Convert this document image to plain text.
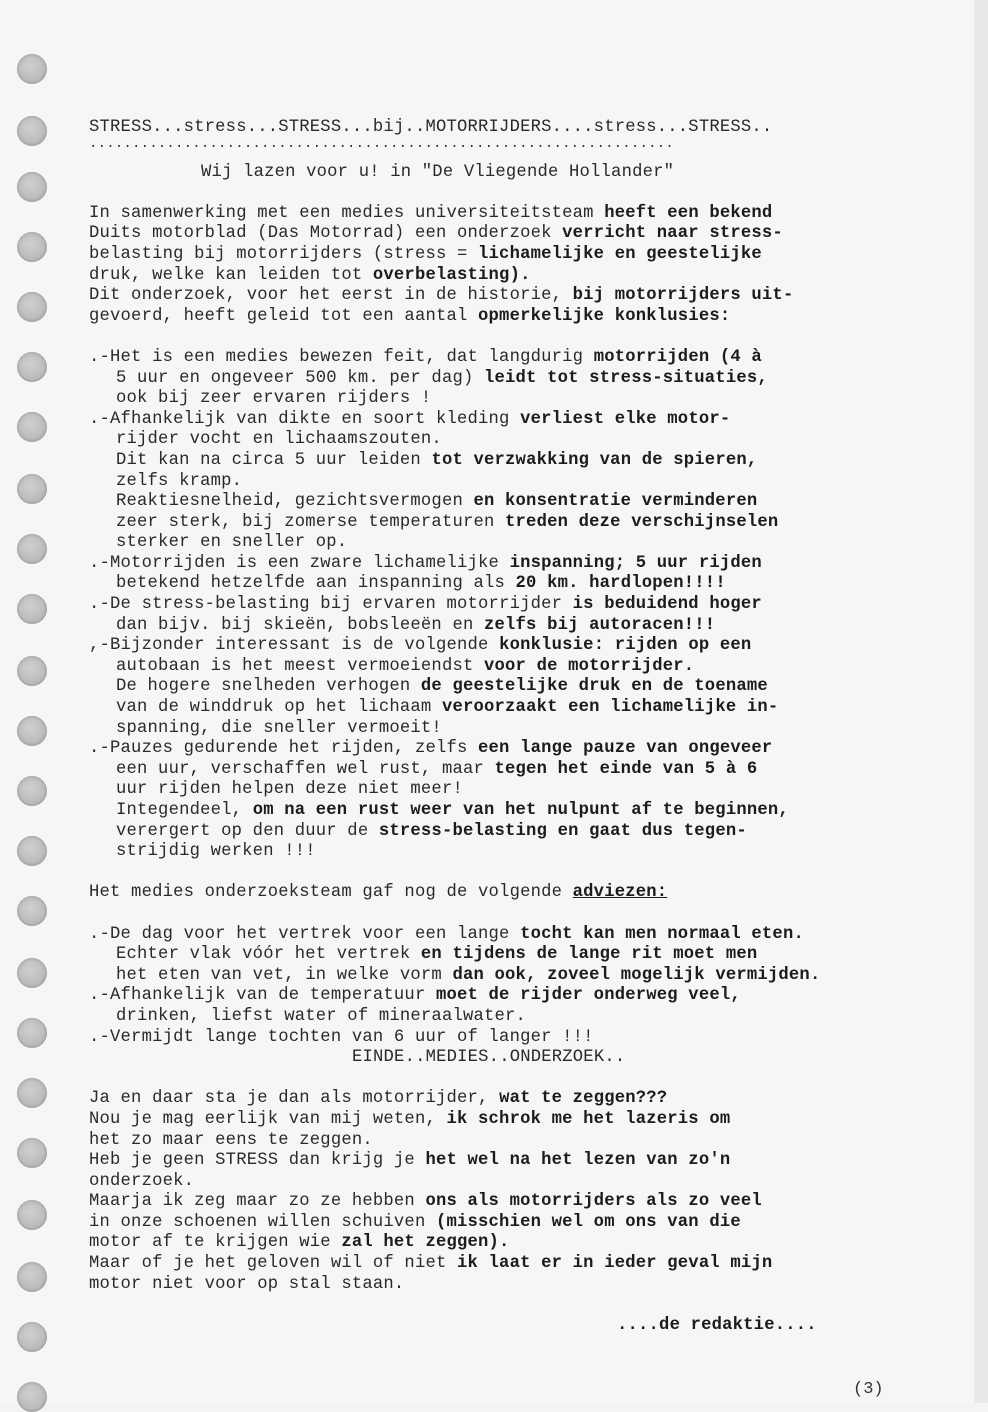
STRESS...stress...STRESS...bij..MOTORRIJDERS....stress...STRESS..
....................................................................
Wij lazen voor u! in "De Vliegende Hollander"
In samenwerking met een medies universiteitsteam heeft een bekend
Duits motorblad (Das Motorrad) een onderzoek verricht naar stress-
belasting bij motorrijders (stress = lichamelijke en geestelijke
druk, welke kan leiden tot overbelasting).
Dit onderzoek, voor het eerst in de historie, bij motorrijders uit-
gevoerd, heeft geleid tot een aantal opmerkelijke konklusies:
.-Het is een medies bewezen feit, dat langdurig motorrijden (4 à
5 uur en ongeveer 500 km. per dag) leidt tot stress-situaties,
ook bij zeer ervaren rijders !
.-Afhankelijk van dikte en soort kleding verliest elke motor-
rijder vocht en lichaamszouten.
Dit kan na circa 5 uur leiden tot verzwakking van de spieren,
zelfs kramp.
Reaktiesnelheid, gezichtsvermogen en konsentratie verminderen
zeer sterk, bij zomerse temperaturen treden deze verschijnselen
sterker en sneller op.
.-Motorrijden is een zware lichamelijke inspanning; 5 uur rijden
betekend hetzelfde aan inspanning als 20 km. hardlopen!!!!
.-De stress-belasting bij ervaren motorrijder is beduidend hoger
dan bijv. bij skieën, bobsleeën en zelfs bij autoracen!!!
,-Bijzonder interessant is de volgende konklusie: rijden op een
autobaan is het meest vermoeiendst voor de motorrijder.
De hogere snelheden verhogen de geestelijke druk en de toename
van de winddruk op het lichaam veroorzaakt een lichamelijke in-
spanning, die sneller vermoeit!
.-Pauzes gedurende het rijden, zelfs een lange pauze van ongeveer
een uur, verschaffen wel rust, maar tegen het einde van 5 à 6
uur rijden helpen deze niet meer!
Integendeel, om na een rust weer van het nulpunt af te beginnen,
verergert op den duur de stress-belasting en gaat dus tegen-
strijdig werken !!!
Het medies onderzoeksteam gaf nog de volgende adviezen:
.-De dag voor het vertrek voor een lange tocht kan men normaal eten.
Echter vlak vóór het vertrek en tijdens de lange rit moet men
het eten van vet, in welke vorm dan ook, zoveel mogelijk vermijden.
.-Afhankelijk van de temperatuur moet de rijder onderweg veel,
drinken, liefst water of mineraalwater.
.-Vermijdt lange tochten van 6 uur of langer !!!
EINDE..MEDIES..ONDERZOEK..
Ja en daar sta je dan als motorrijder, wat te zeggen???
Nou je mag eerlijk van mij weten, ik schrok me het lazeris om
het zo maar eens te zeggen.
Heb je geen STRESS dan krijg je het wel na het lezen van zo'n
onderzoek.
Maarja ik zeg maar zo ze hebben ons als motorrijders als zo veel
in onze schoenen willen schuiven (misschien wel om ons van die
motor af te krijgen wie zal het zeggen).
Maar of je het geloven wil of niet ik laat er in ieder geval mijn
motor niet voor op stal staan.
....de redaktie....
(3)
